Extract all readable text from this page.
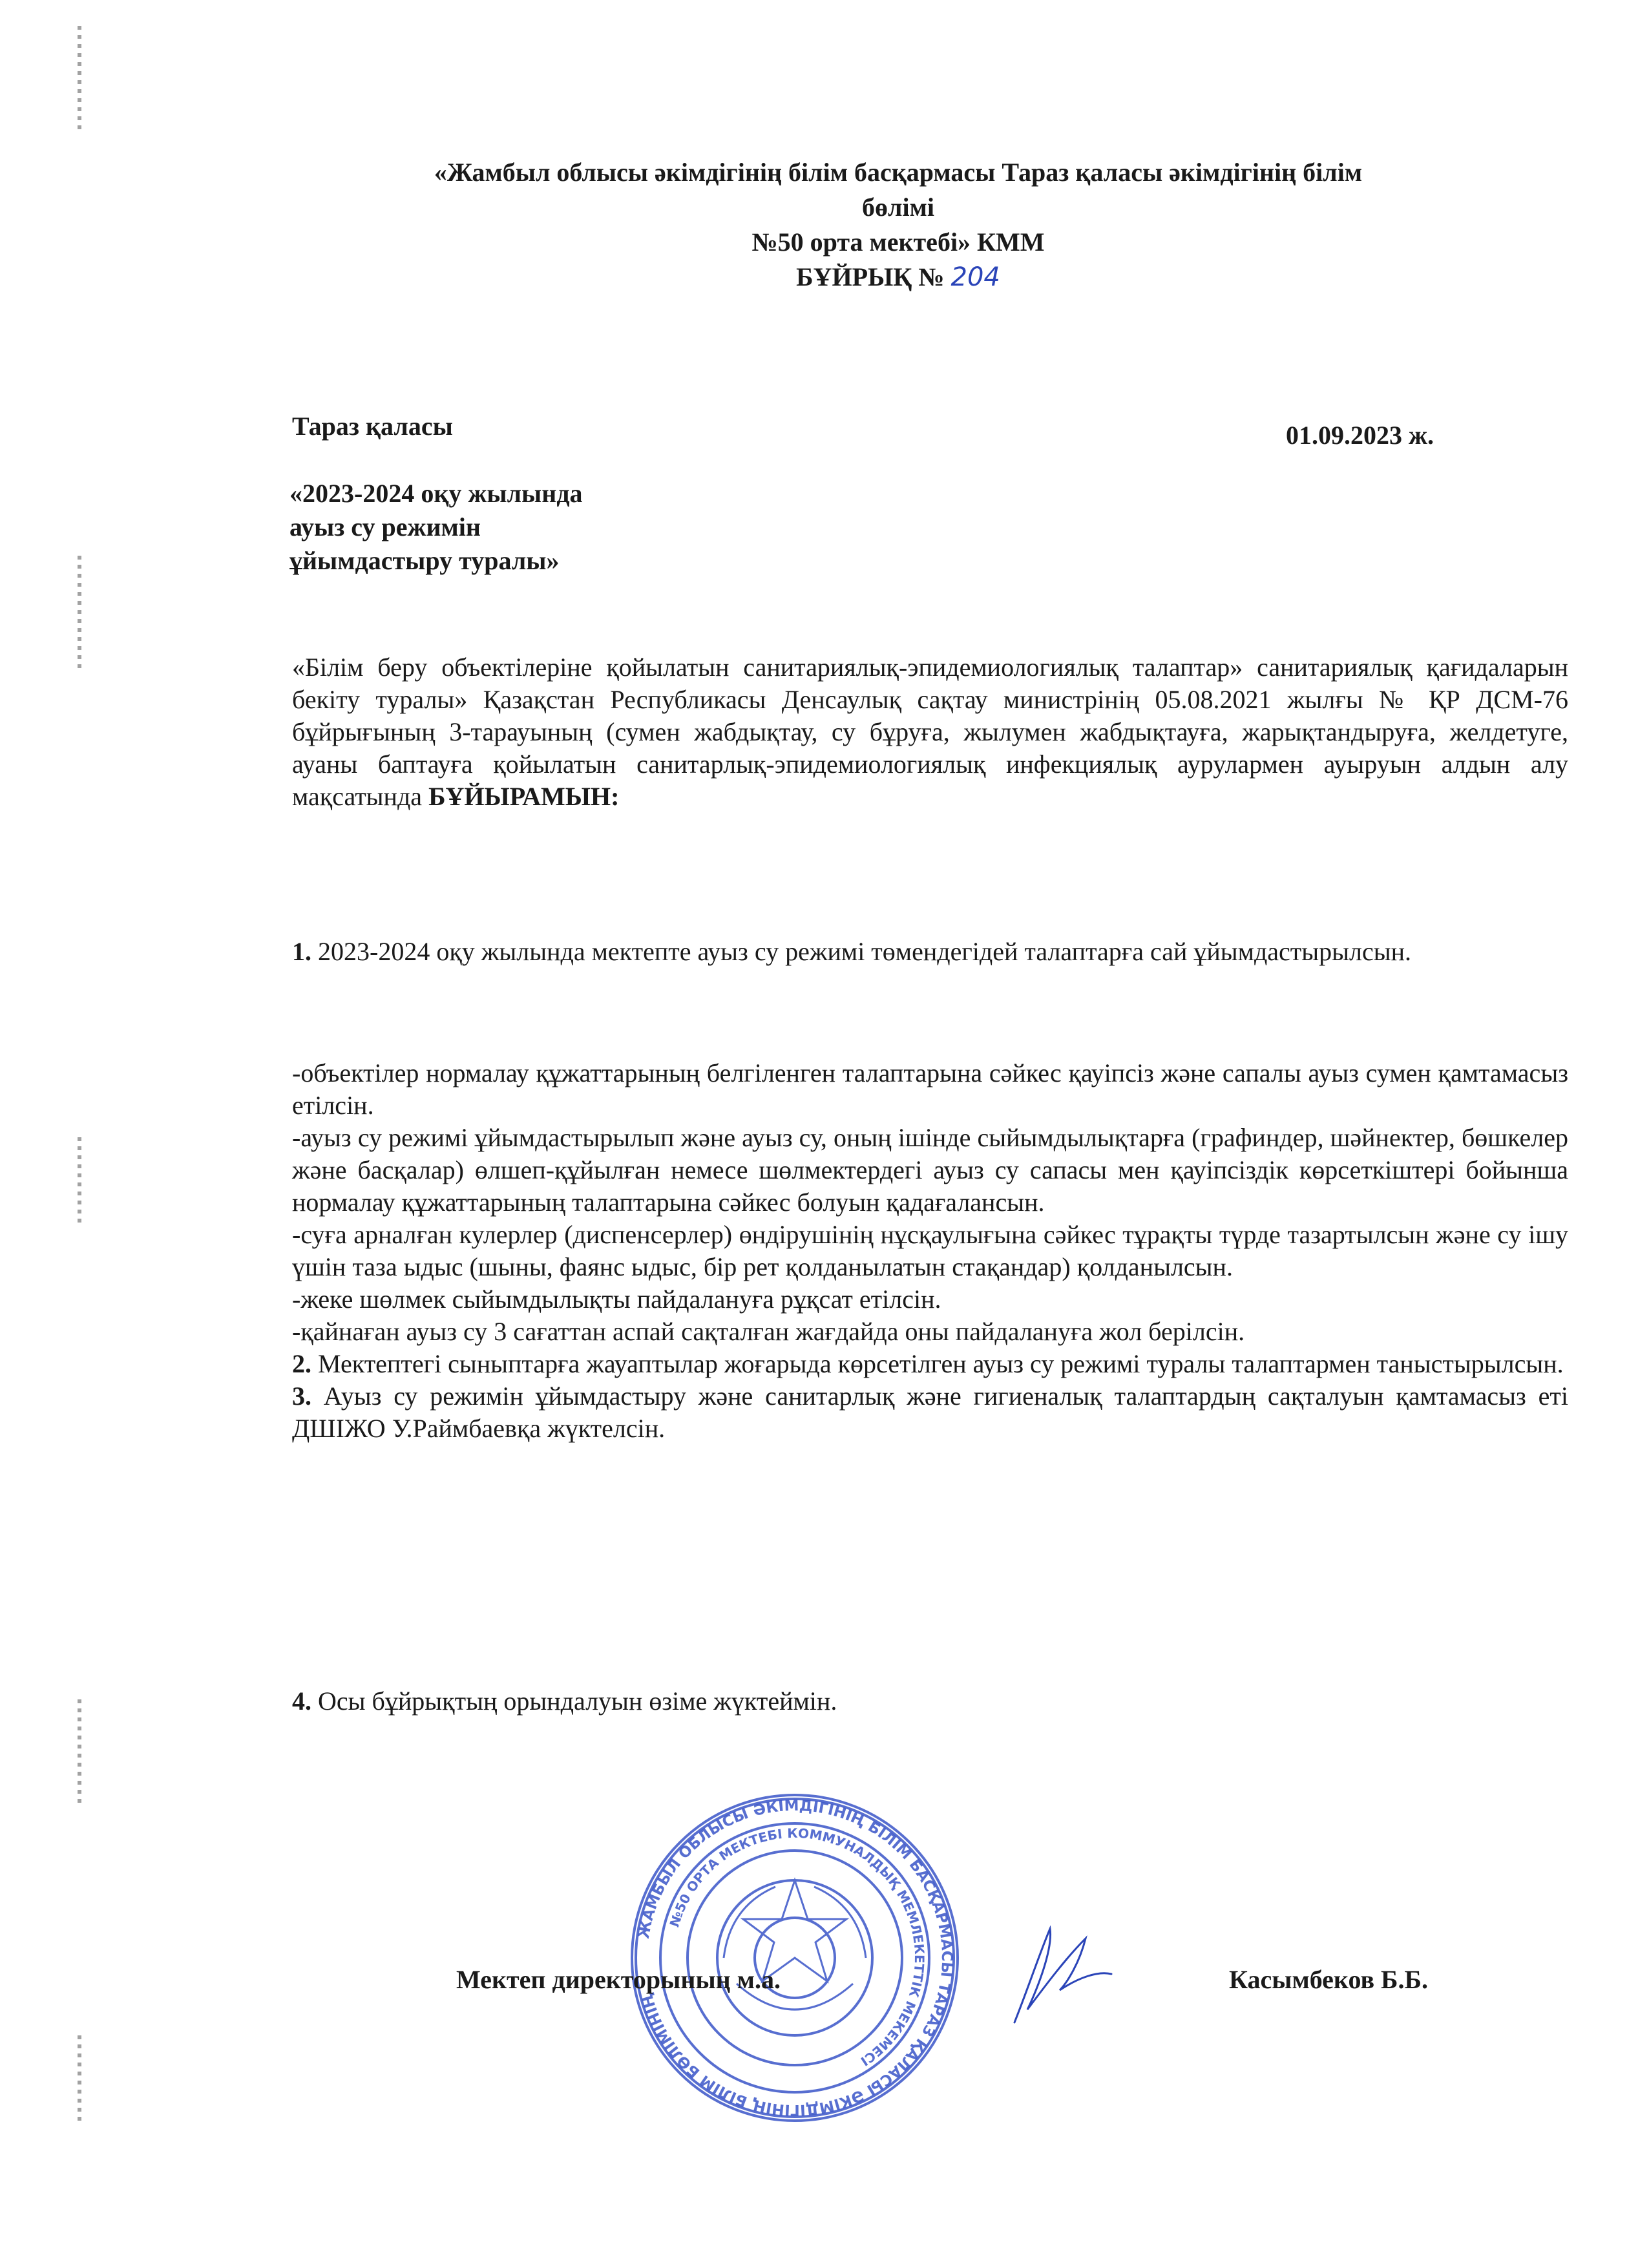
«Жамбыл облысы әкімдігінің білім басқармасы Тараз қаласы әкімдігінің білім
бөлімі
№50 орта мектебі» КММ
БҰЙРЫҚ № 204
Тараз қаласы	01.09.2023 ж.
«2023-2024 оқу жылында
ауыз су режимін
ұйымдастыру туралы»

«Білім беру объектілеріне қойылатын санитариялық-эпидемиологиялық талаптар» санитариялық қағидаларын бекіту туралы» Қазақстан Республикасы Денсаулық сақтау министрінің 05.08.2021 жылғы № ҚР ДСМ-76 бұйрығының 3-тарауының (сумен жабдықтау, су бұруға, жылумен жабдықтауға, жарықтандыруға, желдетуге, ауаны баптауға қойылатын санитарлық-эпидемиологиялық инфекциялық аурулармен ауыруын алдын алу мақсатында БҰЙЫРАМЫН:

1. 2023-2024 оқу жылында мектепте ауыз су режимі төмендегідей талаптарға сай ұйымдастырылсын.

-объектілер нормалау құжаттарының белгіленген талаптарына сәйкес қауіпсіз және сапалы ауыз сумен қамтамасыз етілсін.

-ауыз су режимі ұйымдастырылып және ауыз су, оның ішінде сыйымдылықтарға (графиндер, шәйнектер, бөшкелер және басқалар) өлшеп-құйылған немесе шөлмектердегі ауыз су сапасы мен қауіпсіздік көрсеткіштері бойынша нормалау құжаттарының талаптарына сәйкес болуын қадағалансын.

-суға арналған кулерлер (диспенсерлер) өндірушінің нұсқаулығына сәйкес тұрақты түрде тазартылсын және су ішу үшін таза ыдыс (шыны, фаянс ыдыс, бір рет қолданылатын стақандар) қолданылсын.

-жеке шөлмек сыйымдылықты пайдалануға рұқсат етілсін.

-қайнаған ауыз су 3 сағаттан аспай сақталған жағдайда оны пайдалануға жол берілсін.

2. Мектептегі сыныптарға жауаптылар жоғарыда көрсетілген ауыз су режимі туралы талаптармен таныстырылсын.

3. Ауыз су режимін ұйымдастыру және санитарлық және гигиеналық талаптардың сақталуын қамтамасыз еті ДШІЖО У.Раймбаевқа жүктелсін.

4. Осы бұйрықтың орындалуын өзіме жүктеймін.

ЖАМБЫЛ ОБЛЫСЫ ӘКІМДІГІНІҢ БІЛІМ БАСҚАРМАСЫ ТАРАЗ ҚАЛАСЫ ӘКІМДІГІНІҢ БІЛІМ БӨЛІМІНІҢ
№50 ОРТА МЕКТЕБІ КОММУНАЛДЫҚ МЕМЛЕКЕТТІК МЕКЕМЕСІ
Мектеп директорының м.а.	Касымбеков Б.Б.
